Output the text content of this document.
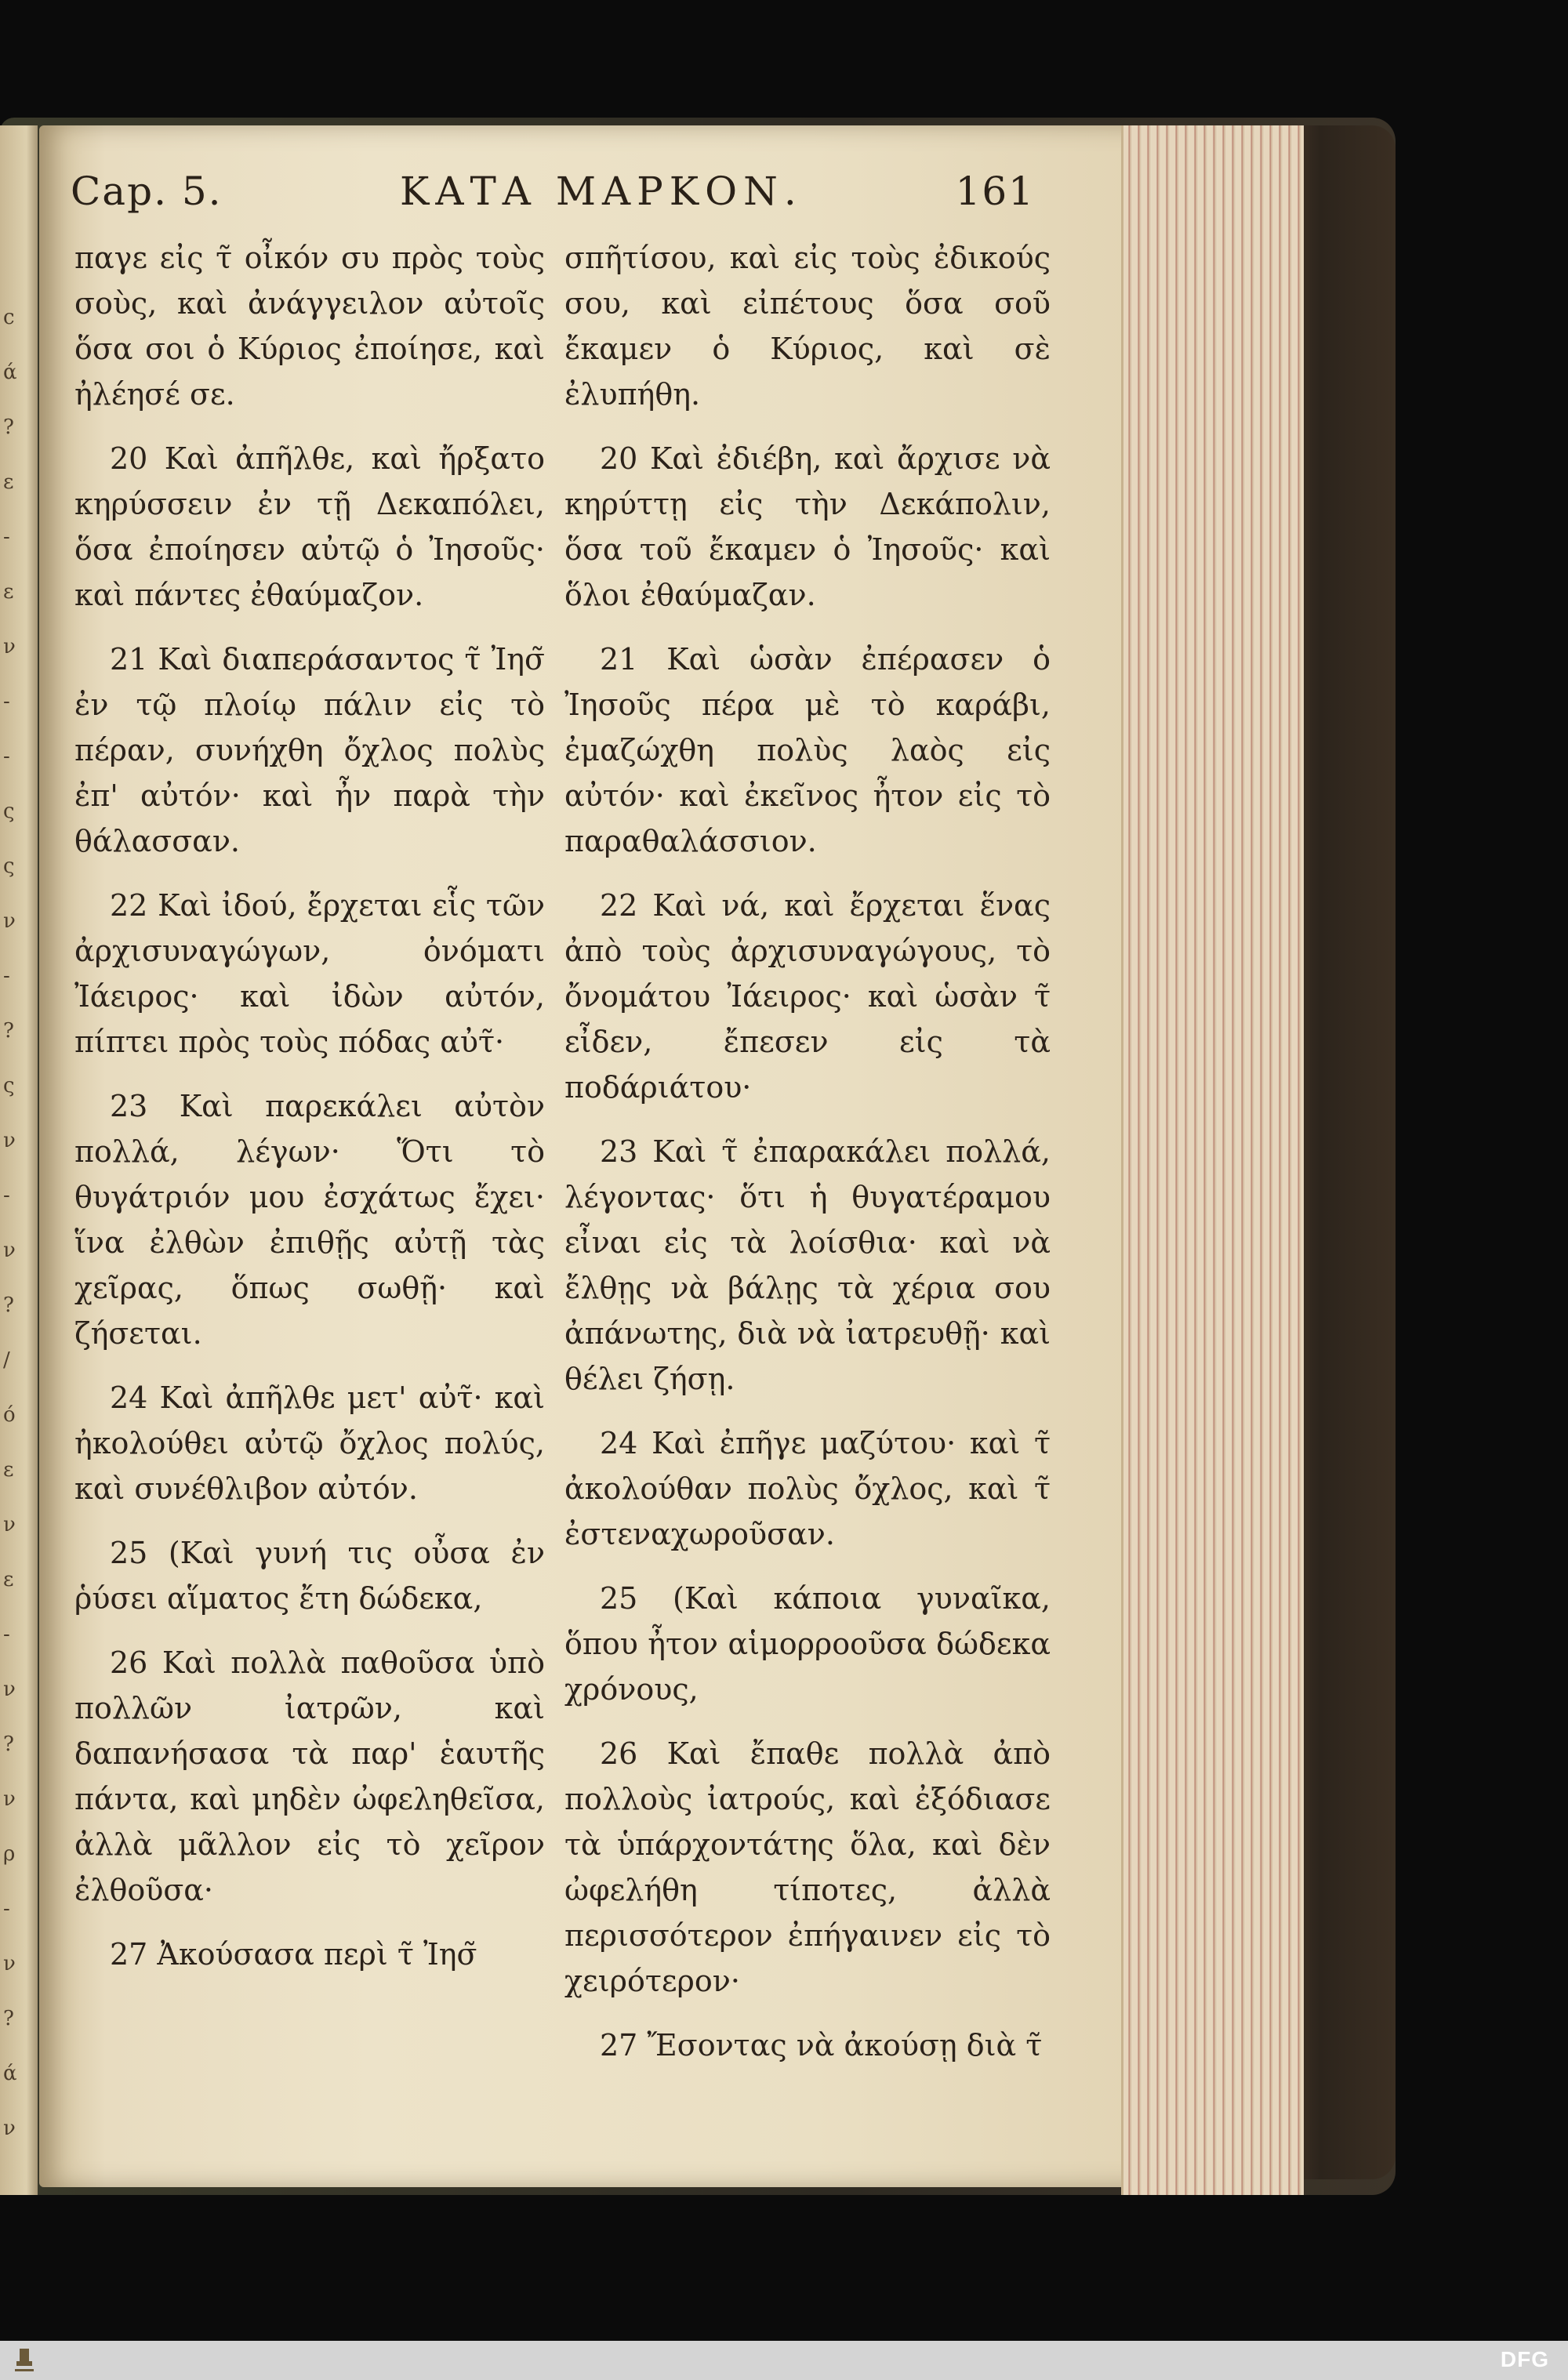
c
ά
?
ε
-
ε
ν
-
-
ς
ς
ν
-
?
ς
ν
-
ν
?
/
ό
ε
ν
ε
-
ν
?
ν
ρ
-
ν
?
ά
ν
Cap. 5.	ΚΑΤΑ ΜΑΡΚΟΝ.	161

παγε εἰς τ̃ οἶκόν συ πρὸς τοὺς σοὺς, καὶ ἀνάγγειλον αὐτοῖς ὅσα σοι ὁ Κύριος ἐποίησε, καὶ ἠλέησέ σε.

20 Καὶ ἀπῆλθε, καὶ ἤρξατο κηρύσσειν ἐν τῇ Δεκαπόλει, ὅσα ἐποίησεν αὐτῷ ὁ Ἰησοῦς· καὶ πάντες ἐθαύμαζον.

21 Καὶ διαπεράσαντος τ̃ Ἰησ̃ ἐν τῷ πλοίῳ πάλιν εἰς τὸ πέραν, συνήχθη ὄχλος πολὺς ἐπ' αὐτόν· καὶ ἦν παρὰ τὴν θάλασσαν.

22 Καὶ ἰδού, ἔρχεται εἷς τῶν ἀρχισυναγώγων, ὀνόματι Ἰάειρος· καὶ ἰδὼν αὐτόν, πίπτει πρὸς τοὺς πόδας αὐτ̃·

23 Καὶ παρεκάλει αὐτὸν πολλά, λέγων· Ὅτι τὸ θυγάτριόν μου ἐσχάτως ἔχει· ἵνα ἐλθὼν ἐπιθῇς αὐτῇ τὰς χεῖρας, ὅπως σωθῇ· καὶ ζήσεται.

24 Καὶ ἀπῆλθε μετ' αὐτ̃· καὶ ἠκολούθει αὐτῷ ὄχλος πολύς, καὶ συνέθλιβον αὐτόν.

25 (Καὶ γυνή τις οὖσα ἐν ῥύσει αἵματος ἔτη δώδεκα,

26 Καὶ πολλὰ παθοῦσα ὑπὸ πολλῶν ἰατρῶν, καὶ δαπανήσασα τὰ παρ' ἑαυτῆς πάντα, καὶ μηδὲν ὠφεληθεῖσα, ἀλλὰ μᾶλλον εἰς τὸ χεῖρον ἐλθοῦσα·

27 Ἀκούσασα περὶ τ̃ Ἰησ̃

σπῆτίσου, καὶ εἰς τοὺς ἐδικούς σου, καὶ εἰπέτους ὅσα σοῦ ἔκαμεν ὁ Κύριος, καὶ σὲ ἐλυπήθη.

20 Καὶ ἐδιέβη, καὶ ἄρχισε νὰ κηρύττῃ εἰς τὴν Δεκάπολιν, ὅσα τοῦ ἔκαμεν ὁ Ἰησοῦς· καὶ ὅλοι ἐθαύμαζαν.

21 Καὶ ὡσὰν ἐπέρασεν ὁ Ἰησοῦς πέρα μὲ τὸ καράβι, ἐμαζώχθη πολὺς λαὸς εἰς αὐτόν· καὶ ἐκεῖνος ἦτον εἰς τὸ παραθαλάσσιον.

22 Καὶ νά, καὶ ἔρχεται ἕνας ἀπὸ τοὺς ἀρχισυναγώγους, τὸ ὄνομάτου Ἰάειρος· καὶ ὡσὰν τ̃ εἶδεν, ἔπεσεν εἰς τὰ ποδάριάτου·

23 Καὶ τ̃ ἐπαρακάλει πολλά, λέγοντας· ὅτι ἡ θυγατέραμου εἶναι εἰς τὰ λοίσθια· καὶ νὰ ἔλθῃς νὰ βάλῃς τὰ χέρια σου ἀπάνωτης, διὰ νὰ ἰατρευθῇ· καὶ θέλει ζήσῃ.

24 Καὶ ἐπῆγε μαζύτου· καὶ τ̃ ἀκολούθαν πολὺς ὄχλος, καὶ τ̃ ἐστεναχωροῦσαν.

25 (Καὶ κάποια γυναῖκα, ὅπου ἦτον αἱμορροοῦσα δώδεκα χρόνους,

26 Καὶ ἔπαθε πολλὰ ἀπὸ πολλοὺς ἰατρούς, καὶ ἐξόδιασε τὰ ὑπάρχοντάτης ὅλα, καὶ δὲν ὠφελήθη τίποτες, ἀλλὰ περισσότερον ἐπήγαινεν εἰς τὸ χειρότερον·

27 Ἔσοντας νὰ ἀκούσῃ διὰ τ̃

DFG
